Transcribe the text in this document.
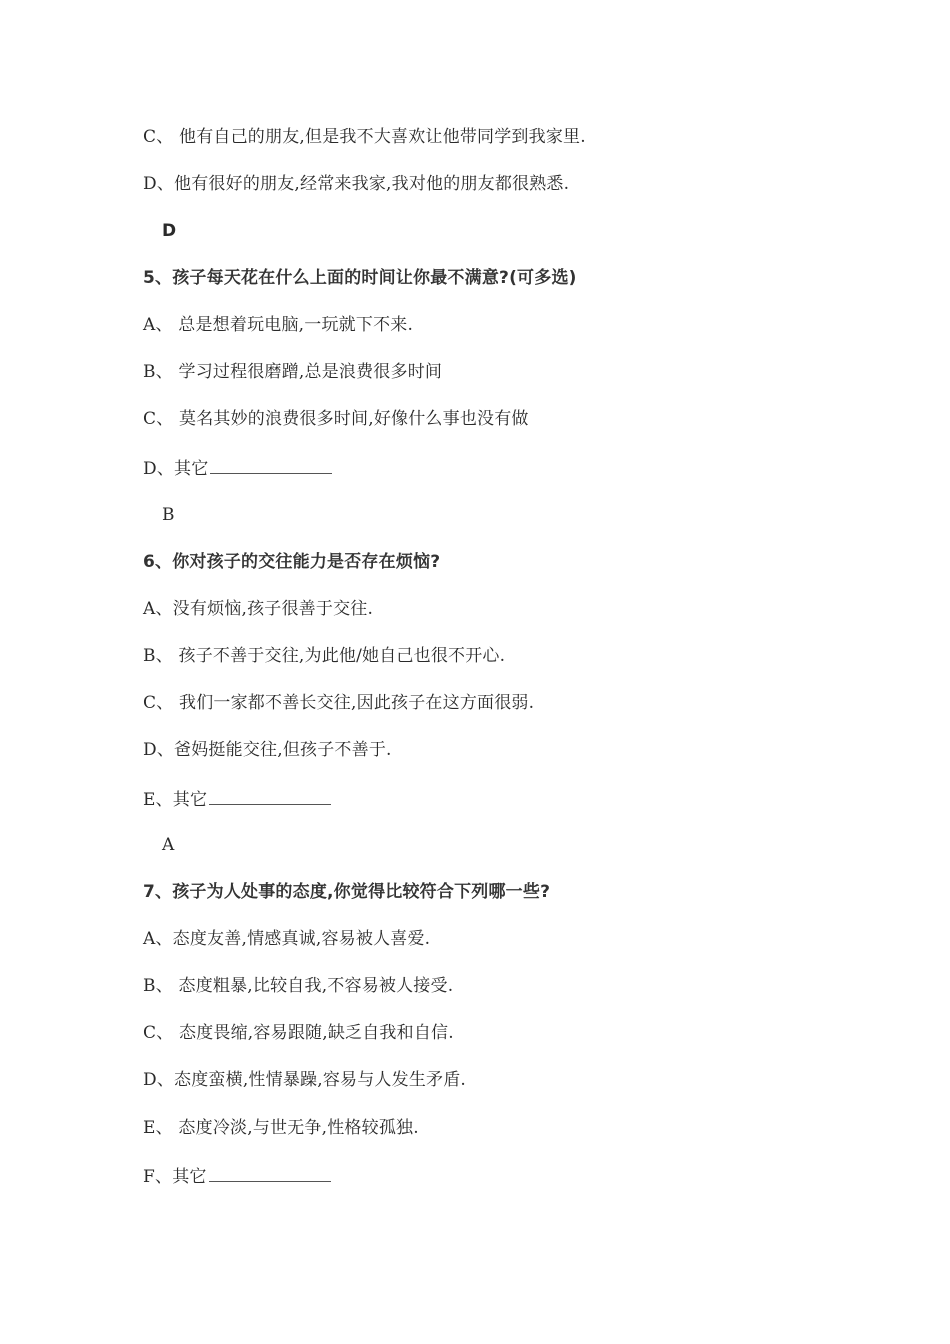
C、 他有自己的朋友,但是我不大喜欢让他带同学到我家里.
D、他有很好的朋友,经常来我家,我对他的朋友都很熟悉.
D
5、孩子每天花在什么上面的时间让你最不满意?(可多选)
A、 总是想着玩电脑,一玩就下不来.
B、 学习过程很磨蹭,总是浪费很多时间
C、 莫名其妙的浪费很多时间,好像什么事也没有做
D、其它
B
6、你对孩子的交往能力是否存在烦恼?
A、没有烦恼,孩子很善于交往.
B、 孩子不善于交往,为此他/她自己也很不开心.
C、 我们一家都不善长交往,因此孩子在这方面很弱.
D、爸妈挺能交往,但孩子不善于.
E、其它
A
7、孩子为人处事的态度,你觉得比较符合下列哪一些?
A、态度友善,情感真诚,容易被人喜爱.
B、 态度粗暴,比较自我,不容易被人接受.
C、 态度畏缩,容易跟随,缺乏自我和自信.
D、态度蛮横,性情暴躁,容易与人发生矛盾.
E、 态度冷淡,与世无争,性格较孤独.
F、其它
